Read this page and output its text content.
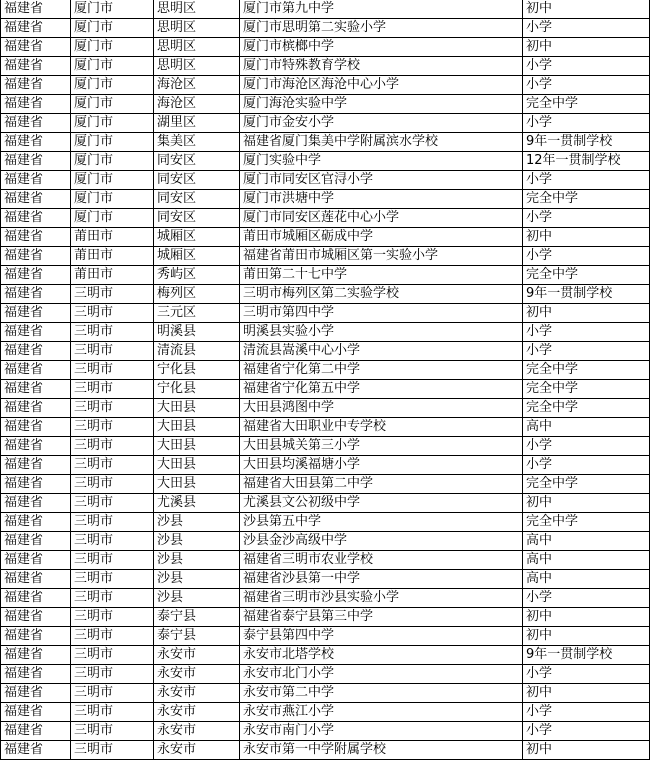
福建省	厦门市	思明区	厦门市第九中学	初中
福建省	厦门市	思明区	厦门市思明第二实验小学	小学
福建省	厦门市	思明区	厦门市槟榔中学	初中
福建省	厦门市	思明区	厦门市特殊教育学校	小学
福建省	厦门市	海沧区	厦门市海沧区海沧中心小学	小学
福建省	厦门市	海沧区	厦门海沧实验中学	完全中学
福建省	厦门市	湖里区	厦门市金安小学	小学
福建省	厦门市	集美区	福建省厦门集美中学附属滨水学校	9年一贯制学校
福建省	厦门市	同安区	厦门实验中学	12年一贯制学校
福建省	厦门市	同安区	厦门市同安区官浔小学	小学
福建省	厦门市	同安区	厦门市洪塘中学	完全中学
福建省	厦门市	同安区	厦门市同安区莲花中心小学	小学
福建省	莆田市	城厢区	莆田市城厢区砺成中学	初中
福建省	莆田市	城厢区	福建省莆田市城厢区第一实验小学	小学
福建省	莆田市	秀屿区	莆田第二十七中学	完全中学
福建省	三明市	梅列区	三明市梅列区第二实验学校	9年一贯制学校
福建省	三明市	三元区	三明市第四中学	初中
福建省	三明市	明溪县	明溪县实验小学	小学
福建省	三明市	清流县	清流县嵩溪中心小学	小学
福建省	三明市	宁化县	福建省宁化第二中学	完全中学
福建省	三明市	宁化县	福建省宁化第五中学	完全中学
福建省	三明市	大田县	大田县鸿图中学	完全中学
福建省	三明市	大田县	福建省大田职业中专学校	高中
福建省	三明市	大田县	大田县城关第三小学	小学
福建省	三明市	大田县	大田县均溪福塘小学	小学
福建省	三明市	大田县	福建省大田县第二中学	完全中学
福建省	三明市	尤溪县	尤溪县文公初级中学	初中
福建省	三明市	沙县	沙县第五中学	完全中学
福建省	三明市	沙县	沙县金沙高级中学	高中
福建省	三明市	沙县	福建省三明市农业学校	高中
福建省	三明市	沙县	福建省沙县第一中学	高中
福建省	三明市	沙县	福建省三明市沙县实验小学	小学
福建省	三明市	泰宁县	福建省泰宁县第三中学	初中
福建省	三明市	泰宁县	泰宁县第四中学	初中
福建省	三明市	永安市	永安市北塔学校	9年一贯制学校
福建省	三明市	永安市	永安市北门小学	小学
福建省	三明市	永安市	永安市第二中学	初中
福建省	三明市	永安市	永安市燕江小学	小学
福建省	三明市	永安市	永安市南门小学	小学
福建省	三明市	永安市	永安市第一中学附属学校	初中
